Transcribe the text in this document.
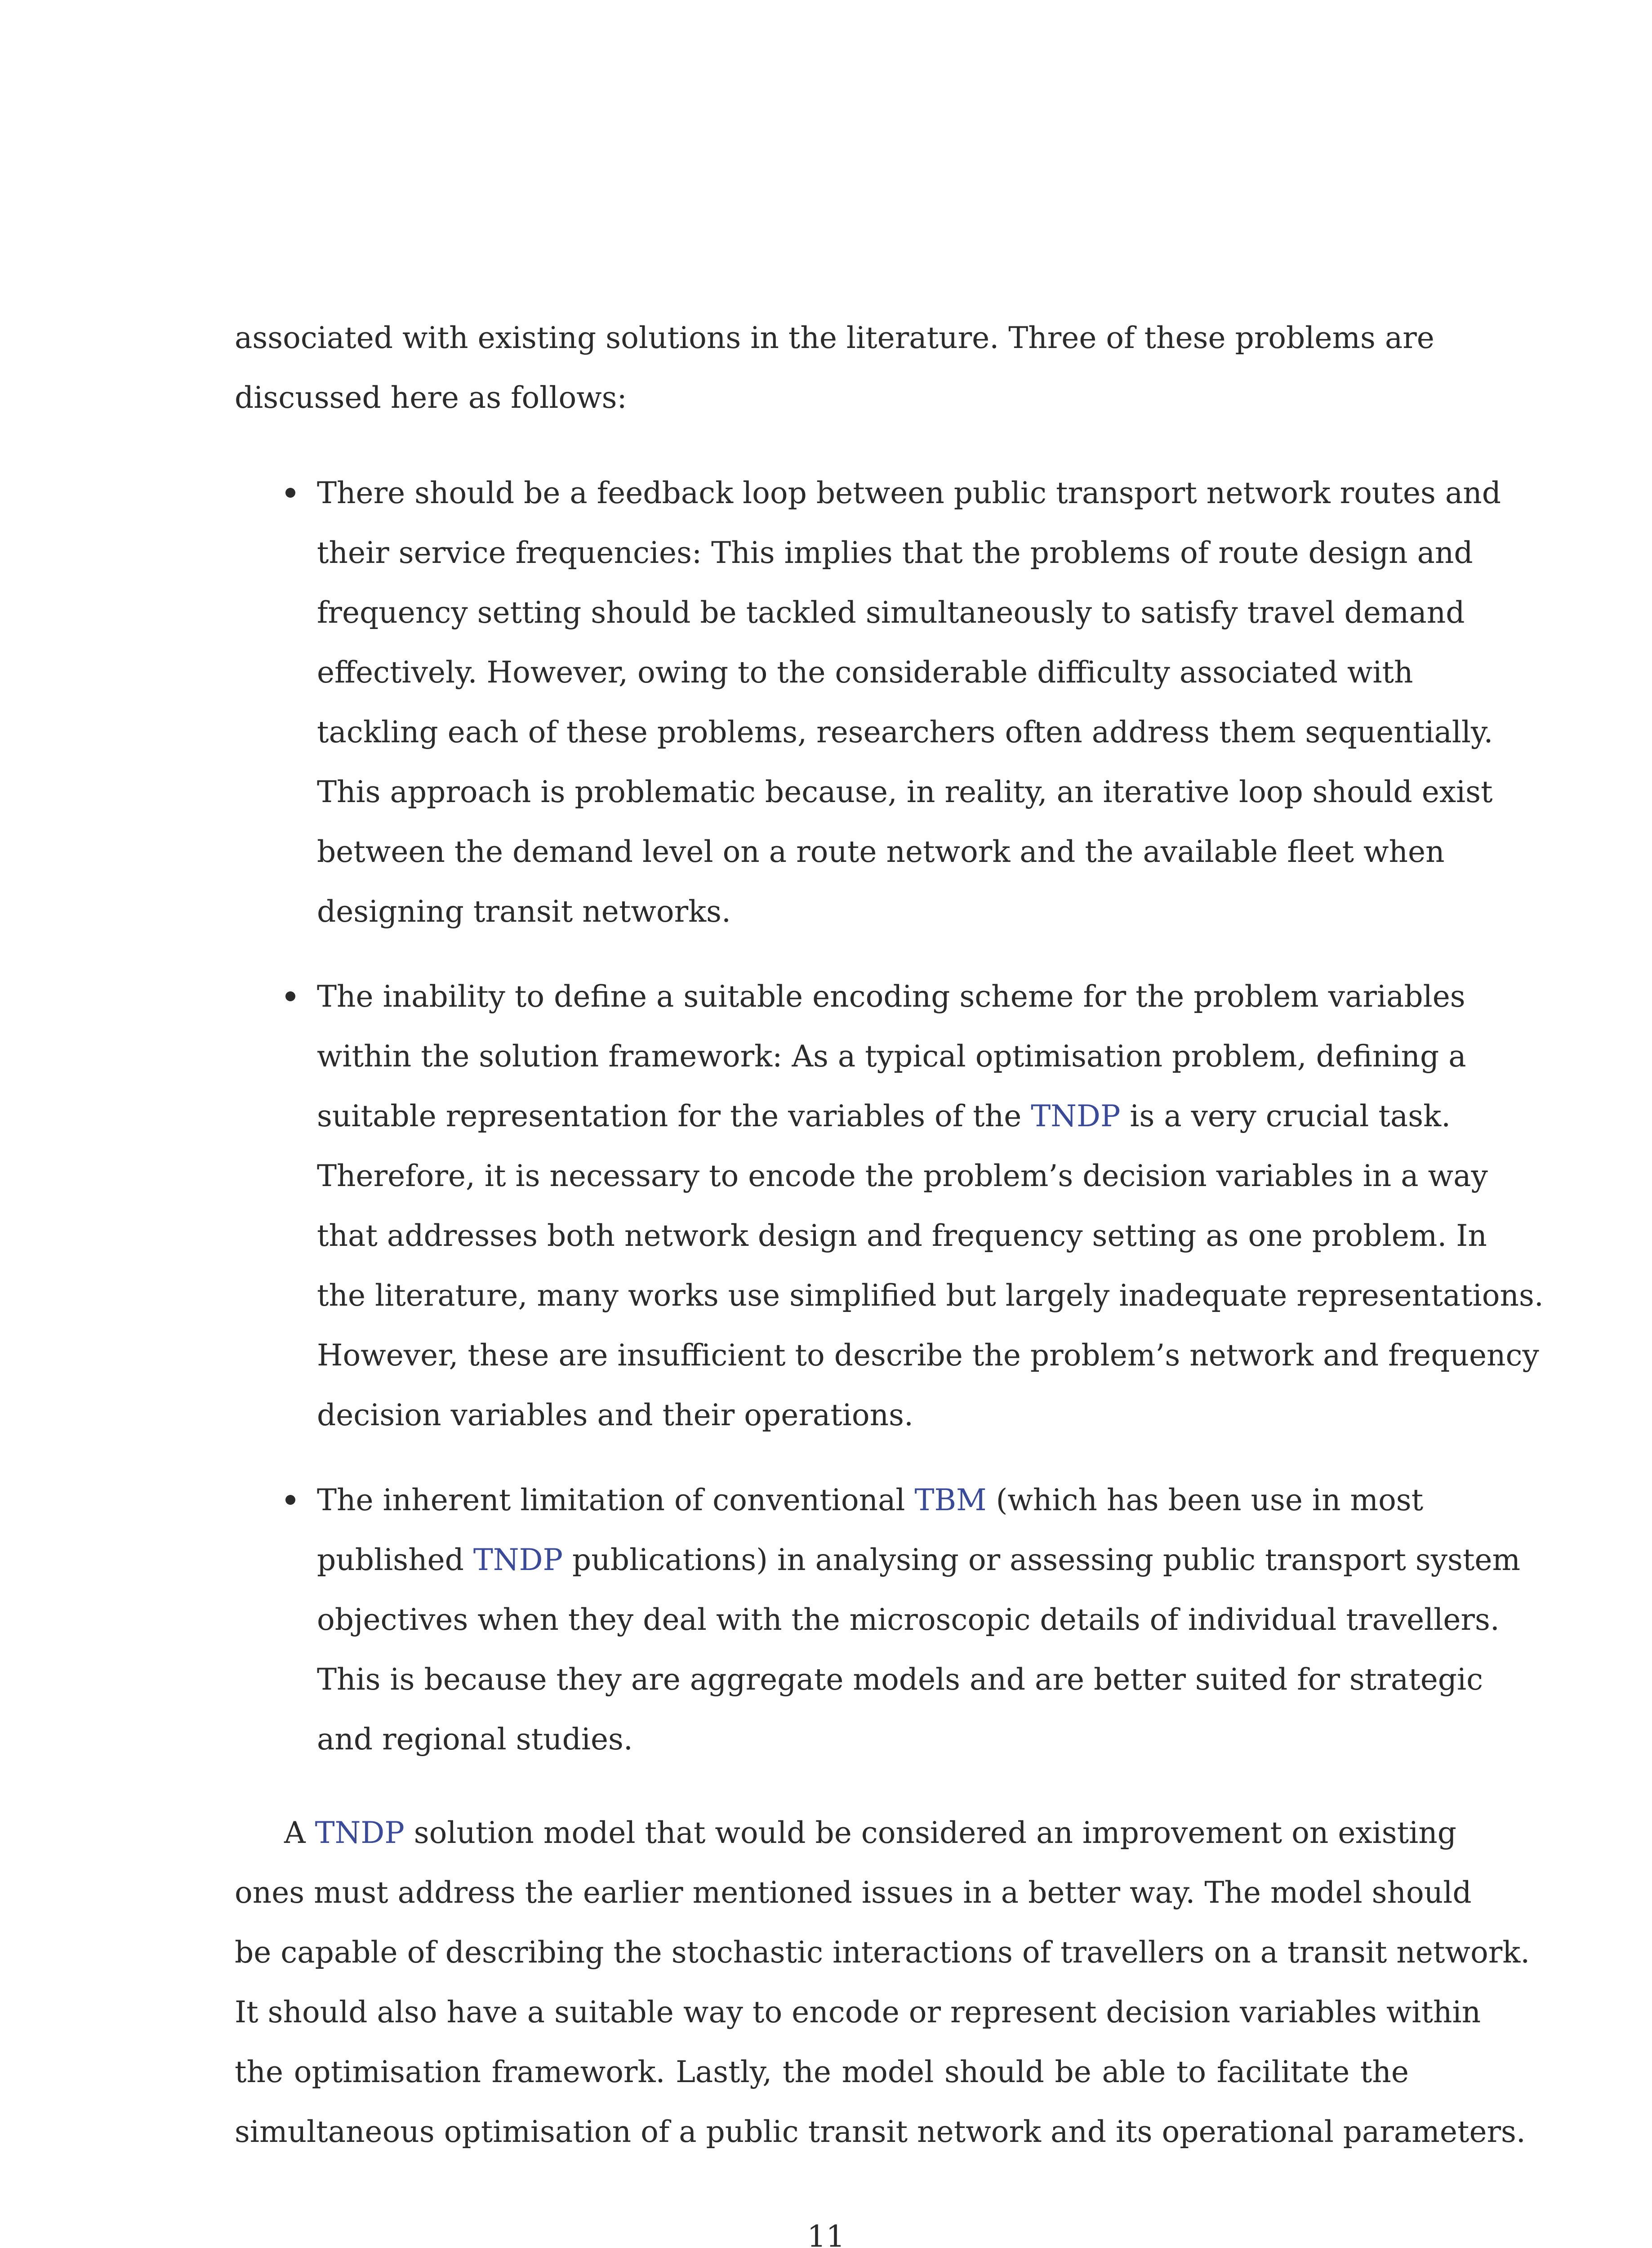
associated with existing solutions in the literature. Three of these problems are
discussed here as follows:
There should be a feedback loop between public transport network routes and
their service frequencies: This implies that the problems of route design and
frequency setting should be tackled simultaneously to satisfy travel demand
effectively. However, owing to the considerable difficulty associated with
tackling each of these problems, researchers often address them sequentially.
This approach is problematic because, in reality, an iterative loop should exist
between the demand level on a route network and the available fleet when
designing transit networks.
The inability to define a suitable encoding scheme for the problem variables
within the solution framework: As a typical optimisation problem, defining a
suitable representation for the variables of the TNDP is a very crucial task.
Therefore, it is necessary to encode the problem’s decision variables in a way
that addresses both network design and frequency setting as one problem. In
the literature, many works use simplified but largely inadequate representations.
However, these are insufficient to describe the problem’s network and frequency
decision variables and their operations.
The inherent limitation of conventional TBM (which has been use in most
published TNDP publications) in analysing or assessing public transport system
objectives when they deal with the microscopic details of individual travellers.
This is because they are aggregate models and are better suited for strategic
and regional studies.
A TNDP solution model that would be considered an improvement on existing
ones must address the earlier mentioned issues in a better way. The model should
be capable of describing the stochastic interactions of travellers on a transit network.
It should also have a suitable way to encode or represent decision variables within
the optimisation framework. Lastly, the model should be able to facilitate the
simultaneous optimisation of a public transit network and its operational parameters.
11
